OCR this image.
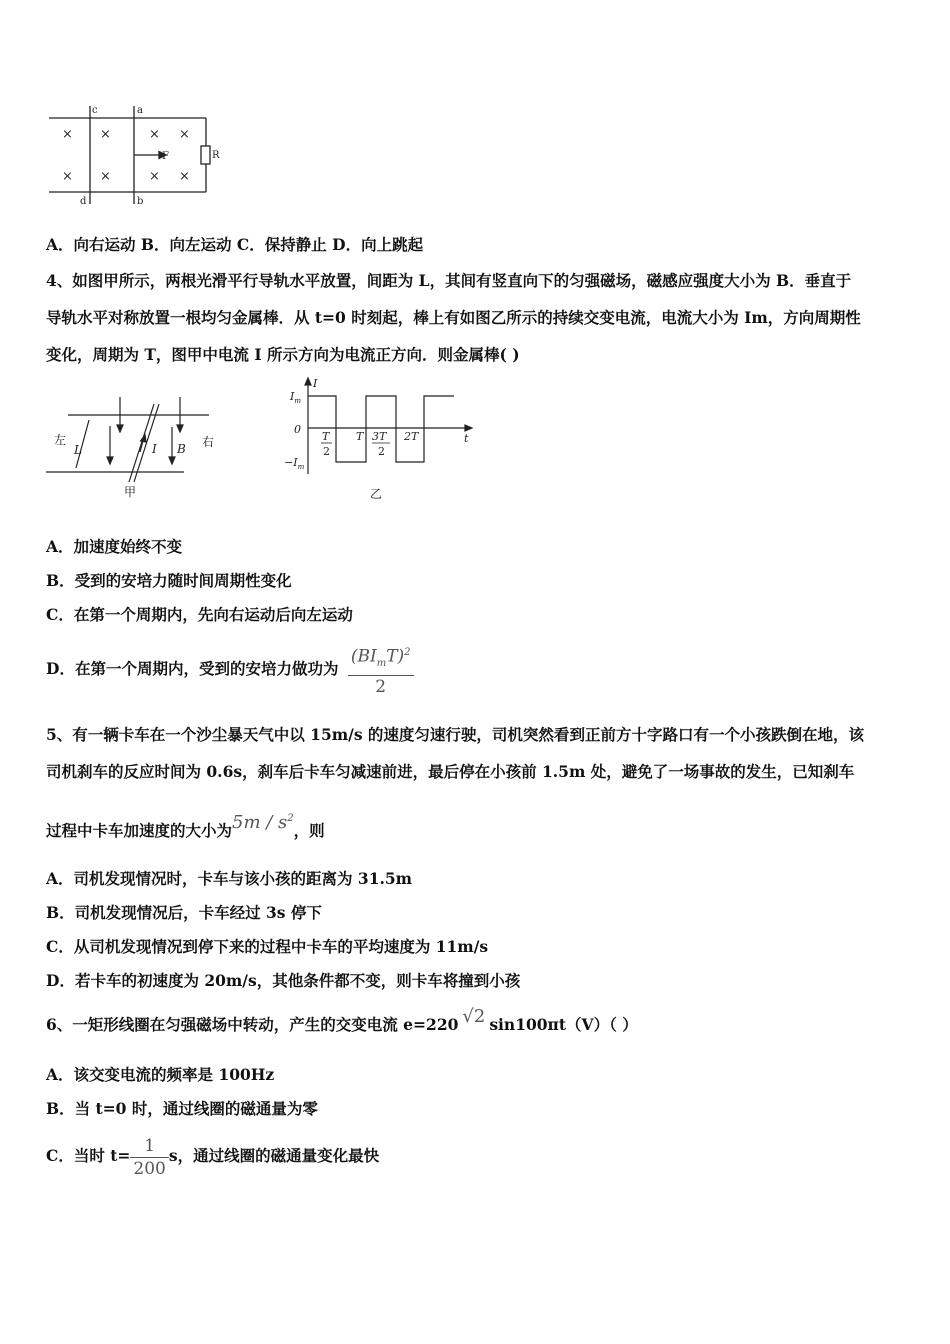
× ×	× ×
× ×	× ×
c	a
d	b
F	R
A．向右运动 B．向左运动 C．保持静止 D．向上跳起
4、如图甲所示，两根光滑平行导轨水平放置，间距为 L，其间有竖直向下的匀强磁场，磁感应强度大小为 B．垂直于
导轨水平对称放置一根均匀金属棒．从 t=0 时刻起，棒上有如图乙所示的持续交变电流，电流大小为 Im，方向周期性
变化，周期为 T，图甲中电流 I 所示方向为电流正方向．则金属棒( )
左	右
L	I B
甲
I
t
$I_m$
$-I_m$
T
2
T 3T
2
2T
0
乙
A．加速度始终不变
B．受到的安培力随时间周期性变化
C．在第一个周期内，先向右运动后向左运动
D．在第一个周期内，受到的安培力做功为 $\frac{(BI_mT)^2}{2}$
5、有一辆卡车在一个沙尘暴天气中以 15m/s 的速度匀速行驶，司机突然看到正前方十字路口有一个小孩跌倒在地，该
司机刹车的反应时间为 0.6s，刹车后卡车匀减速前进，最后停在小孩前 1.5m 处，避免了一场事故的发生，已知刹车
过程中卡车加速度的大小为$5m / s^2$，则
A．司机发现情况时，卡车与该小孩的距离为 31.5m
B．司机发现情况后，卡车经过 3s 停下
C．从司机发现情况到停下来的过程中卡车的平均速度为 11m/s
D．若卡车的初速度为 20m/s，其他条件都不变，则卡车将撞到小孩
6、一矩形线圈在匀强磁场中转动，产生的交变电流 e=220 √2 sin100πt（V）（ ）
A．该交变电流的频率是 100Hz
B．当 t=0 时，通过线圈的磁通量为零
C．当时 $t= \frac{1}{200}$ s，通过线圈的磁通量变化最快
